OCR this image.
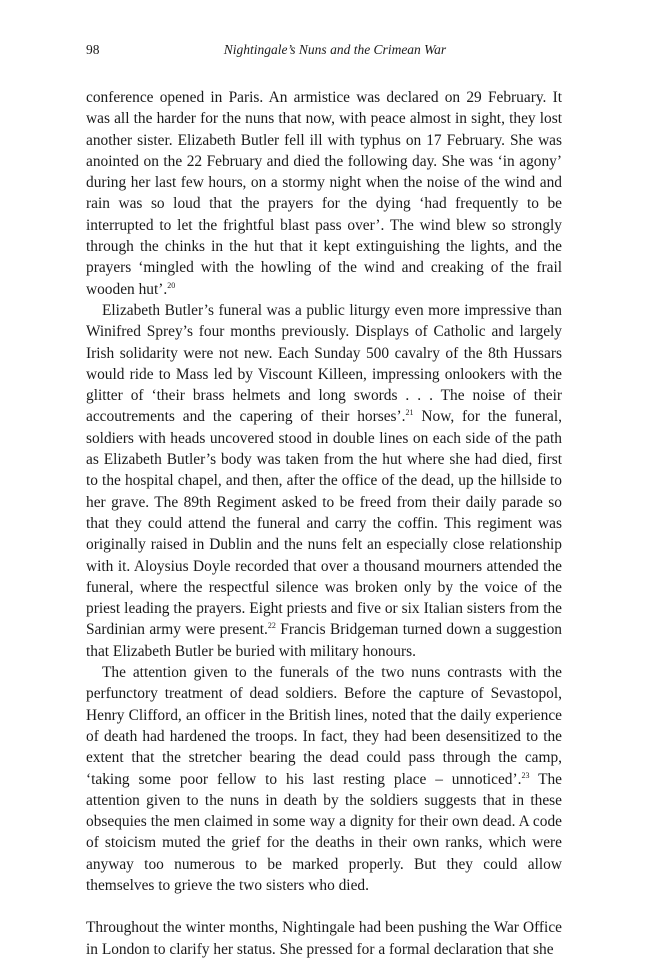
98	Nightingale’s Nuns and the Crimean War

conference opened in Paris. An armistice was declared on 29 February. It was all the harder for the nuns that now, with peace almost in sight, they lost another sister. Elizabeth Butler fell ill with typhus on 17 February. She was anointed on the 22 February and died the following day. She was ‘in agony’ during her last few hours, on a stormy night when the noise of the wind and rain was so loud that the prayers for the dying ‘had frequently to be interrupted to let the frightful blast pass over’. The wind blew so strongly through the chinks in the hut that it kept extinguishing the lights, and the prayers ‘mingled with the howling of the wind and creaking of the frail wooden hut’.$^{20}$

Elizabeth Butler’s funeral was a public liturgy even more impressive than Winifred Sprey’s four months previously. Displays of Catholic and largely Irish solidarity were not new. Each Sunday 500 cavalry of the 8th Hussars would ride to Mass led by Viscount Killeen, impressing onlookers with the glitter of ‘their brass helmets and long swords . . . The noise of their accoutrements and the capering of their horses’.$^{21}$ Now, for the funeral, soldiers with heads uncovered stood in double lines on each side of the path as Elizabeth Butler’s body was taken from the hut where she had died, first to the hospital chapel, and then, after the office of the dead, up the hillside to her grave. The 89th Regiment asked to be freed from their daily parade so that they could attend the funeral and carry the coffin. This regiment was originally raised in Dublin and the nuns felt an especially close relationship with it. Aloysius Doyle recorded that over a thousand mourners attended the funeral, where the respectful silence was broken only by the voice of the priest leading the prayers. Eight priests and five or six Italian sisters from the Sardinian army were present.$^{22}$ Francis Bridgeman turned down a suggestion that Elizabeth Butler be buried with military honours.

The attention given to the funerals of the two nuns contrasts with the perfunctory treatment of dead soldiers. Before the capture of Sevastopol, Henry Clifford, an officer in the British lines, noted that the daily experience of death had hardened the troops. In fact, they had been desensitized to the extent that the stretcher bearing the dead could pass through the camp, ‘taking some poor fellow to his last resting place – unnoticed’.$^{23}$ The attention given to the nuns in death by the soldiers suggests that in these obsequies the men claimed in some way a dignity for their own dead. A code of stoicism muted the grief for the deaths in their own ranks, which were anyway too numerous to be marked properly. But they could allow themselves to grieve the two sisters who died.

Throughout the winter months, Nightingale had been pushing the War Office in London to clarify her status. She pressed for a formal declaration that she
